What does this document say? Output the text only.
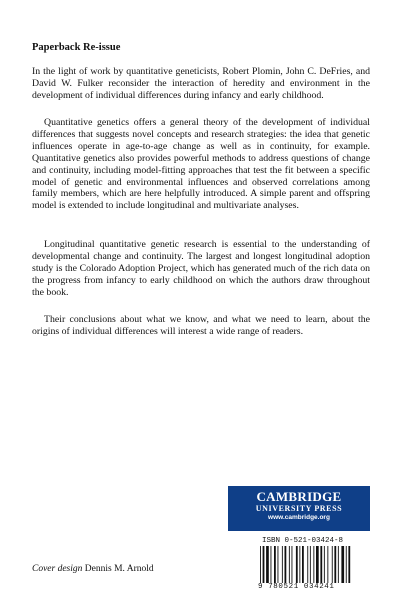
Paperback Re-issue

In the light of work by quantitative geneticists, Robert Plomin, John C. DeFries, and David W. Fulker reconsider the interaction of heredity and environment in the development of individual differences during infancy and early childhood.

Quantitative genetics offers a general theory of the development of individual differences that suggests novel concepts and research strategies: the idea that genetic influences operate in age-to-age change as well as in continuity, for example. Quantitative genetics also provides powerful methods to address questions of change and continuity, including model-fitting approaches that test the fit between a specific model of genetic and environmental influences and observed correlations among family members, which are here helpfully introduced. A simple parent and offspring model is extended to include longitudinal and multivariate analyses.

Longitudinal quantitative genetic research is essential to the understanding of developmental change and continuity. The largest and longest longitudinal adoption study is the Colorado Adoption Project, which has generated much of the rich data on the progress from infancy to early childhood on which the authors draw throughout the book.

Their conclusions about what we know, and what we need to learn, about the origins of individual differences will interest a wide range of readers.

Cover design Dennis M. Arnold
CAMBRIDGE
UNIVERSITY PRESS
www.cambridge.org
ISBN 0-521-03424-8
9 780521 034241
